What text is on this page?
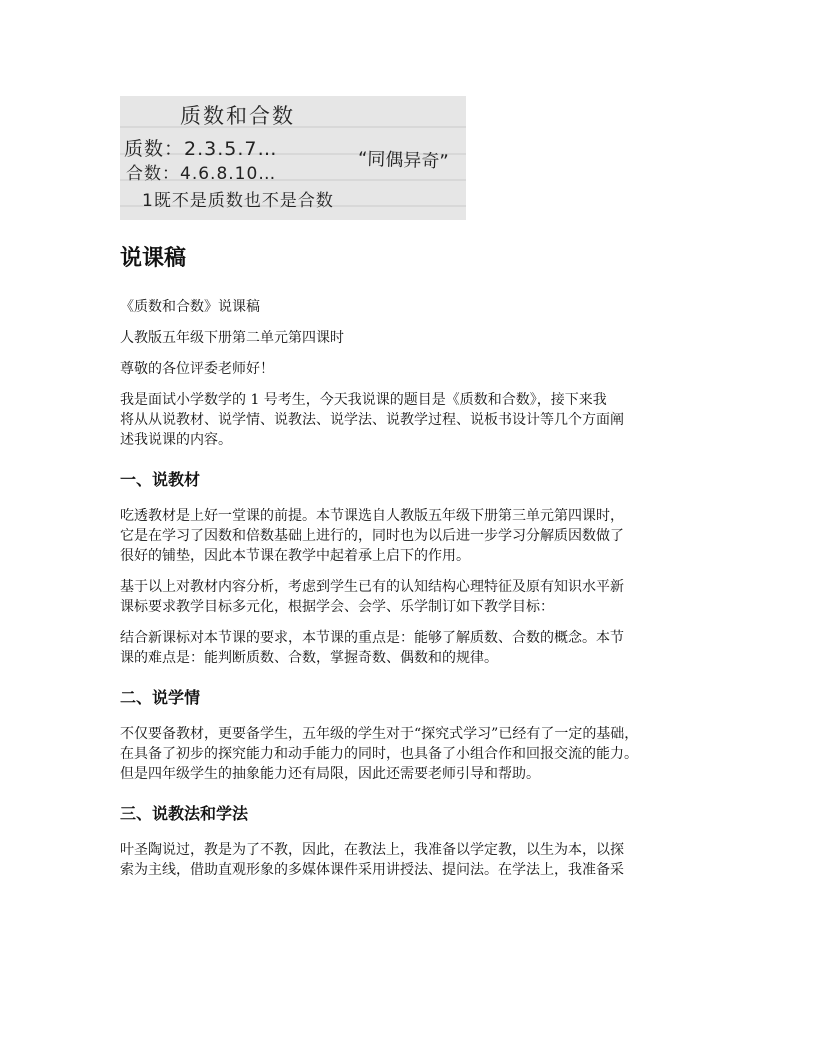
质数和合数
质数：2.3.5.7…
合数：4.6.8.10…
1既不是质数也不是合数
“同偶异奇”
说课稿

《质数和合数》说课稿

人教版五年级下册第二单元第四课时

尊敬的各位评委老师好！

我是面试小学数学的 1 号考生，今天我说课的题目是《质数和合数》，接下来我
将从从说教材、说学情、说教法、说学法、说教学过程、说板书设计等几个方面阐
述我说课的内容。

一、说教材

吃透教材是上好一堂课的前提。本节课选自人教版五年级下册第三单元第四课时，
它是在学习了因数和倍数基础上进行的，同时也为以后进一步学习分解质因数做了
很好的铺垫，因此本节课在教学中起着承上启下的作用。

基于以上对教材内容分析，考虑到学生已有的认知结构心理特征及原有知识水平新
课标要求教学目标多元化，根据学会、会学、乐学制订如下教学目标：

结合新课标对本节课的要求，本节课的重点是：能够了解质数、合数的概念。本节
课的难点是：能判断质数、合数，掌握奇数、偶数和的规律。

二、说学情

不仅要备教材，更要备学生，五年级的学生对于“探究式学习”已经有了一定的基础，
在具备了初步的探究能力和动手能力的同时，也具备了小组合作和回报交流的能力。
但是四年级学生的抽象能力还有局限，因此还需要老师引导和帮助。

三、说教法和学法

叶圣陶说过，教是为了不教，因此，在教法上，我准备以学定教，以生为本，以探
索为主线，借助直观形象的多媒体课件采用讲授法、提问法。在学法上，我准备采
